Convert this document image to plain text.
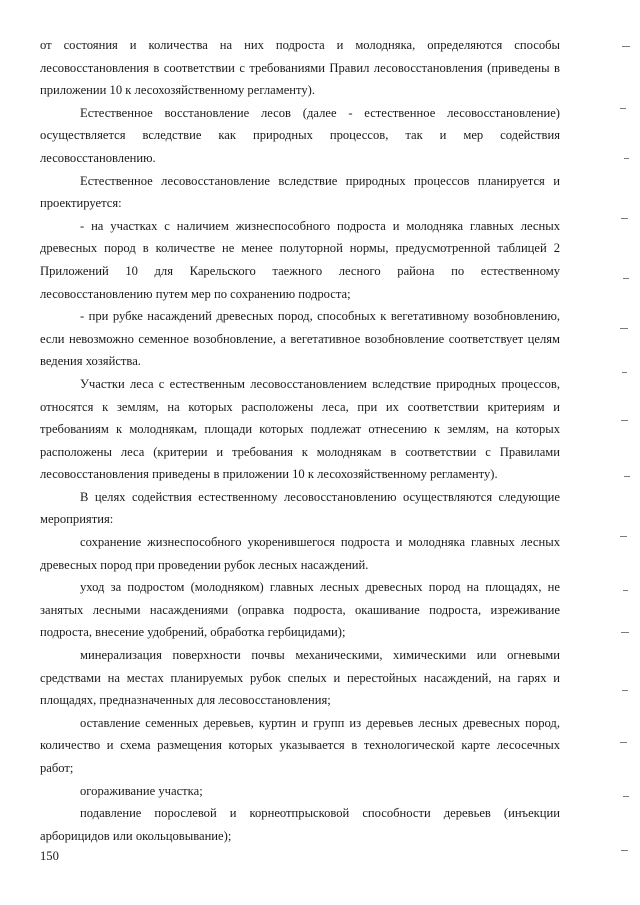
от состояния и количества на них подроста и молодняка, определяются способы лесовосстановления в соответствии с требованиями Правил лесовосстановления (приведены в приложении 10 к лесохозяйственному регламенту).

Естественное восстановление лесов (далее - естественное лесовосстановление) осуществляется вследствие как природных процессов, так и мер содействия лесовосстановлению.

Естественное лесовосстановление вследствие природных процессов планируется и проектируется:

- на участках с наличием жизнеспособного подроста и молодняка главных лесных древесных пород в количестве не менее полуторной нормы, предусмотренной таблицей 2 Приложений 10 для Карельского таежного лесного района по естественному лесовосстановлению путем мер по сохранению подроста;

- при рубке насаждений древесных пород, способных к вегетативному возобновлению, если невозможно семенное возобновление, а вегетативное возобновление соответствует целям ведения хозяйства.

Участки леса с естественным лесовосстановлением вследствие природных процессов, относятся к землям, на которых расположены леса, при их соответствии критериям и требованиям к молоднякам, площади которых подлежат отнесению к землям, на которых расположены леса (критерии и требования к молоднякам в соответствии с Правилами лесовосстановления приведены в приложении 10 к лесохозяйственному регламенту).

В целях содействия естественному лесовосстановлению осуществляются следующие мероприятия:

сохранение жизнеспособного укоренившегося подроста и молодняка главных лесных древесных пород при проведении рубок лесных насаждений.

уход за подростом (молодняком) главных лесных древесных пород на площадях, не занятых лесными насаждениями (оправка подроста, окашивание подроста, изреживание подроста, внесение удобрений, обработка гербицидами);

минерализация поверхности почвы механическими, химическими или огневыми средствами на местах планируемых рубок спелых и перестойных насаждений, на гарях и площадях, предназначенных для лесовосстановления;

оставление семенных деревьев, куртин и групп из деревьев лесных древесных пород, количество и схема размещения которых указывается в технологической карте лесосечных работ;

огораживание участка;

подавление порослевой и корнеотпрысковой способности деревьев (инъекции арборицидов или окольцовывание);

150
